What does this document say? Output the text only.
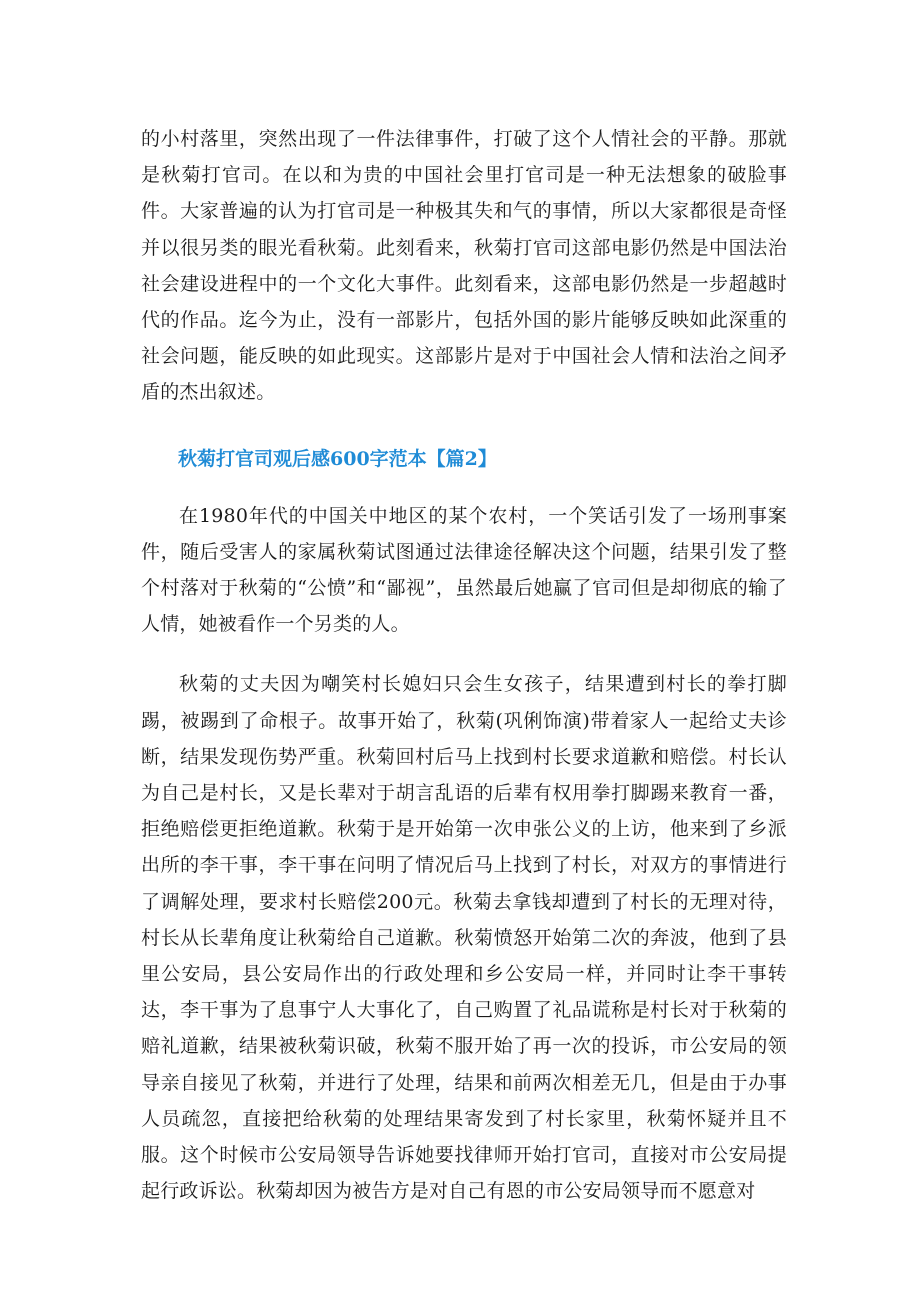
的小村落里，突然出现了一件法律事件，打破了这个人情社会的平静。那就是秋菊打官司。在以和为贵的中国社会里打官司是一种无法想象的破脸事件。大家普遍的认为打官司是一种极其失和气的事情，所以大家都很是奇怪并以很另类的眼光看秋菊。此刻看来，秋菊打官司这部电影仍然是中国法治社会建设进程中的一个文化大事件。此刻看来，这部电影仍然是一步超越时代的作品。迄今为止，没有一部影片，包括外国的影片能够反映如此深重的社会问题，能反映的如此现实。这部影片是对于中国社会人情和法治之间矛盾的杰出叙述。

秋菊打官司观后感600字范本【篇2】

在1980年代的中国关中地区的某个农村，一个笑话引发了一场刑事案件，随后受害人的家属秋菊试图通过法律途径解决这个问题，结果引发了整个村落对于秋菊的“公愤”和“鄙视”，虽然最后她赢了官司但是却彻底的输了人情，她被看作一个另类的人。

秋菊的丈夫因为嘲笑村长媳妇只会生女孩子，结果遭到村长的拳打脚踢，被踢到了命根子。故事开始了，秋菊(巩俐饰演)带着家人一起给丈夫诊断，结果发现伤势严重。秋菊回村后马上找到村长要求道歉和赔偿。村长认为自己是村长，又是长辈对于胡言乱语的后辈有权用拳打脚踢来教育一番，拒绝赔偿更拒绝道歉。秋菊于是开始第一次申张公义的上访，他来到了乡派出所的李干事，李干事在问明了情况后马上找到了村长，对双方的事情进行了调解处理，要求村长赔偿200元。秋菊去拿钱却遭到了村长的无理对待，村长从长辈角度让秋菊给自己道歉。秋菊愤怒开始第二次的奔波，他到了县里公安局，县公安局作出的行政处理和乡公安局一样，并同时让李干事转达，李干事为了息事宁人大事化了，自己购置了礼品谎称是村长对于秋菊的赔礼道歉，结果被秋菊识破，秋菊不服开始了再一次的投诉，市公安局的领导亲自接见了秋菊，并进行了处理，结果和前两次相差无几，但是由于办事人员疏忽，直接把给秋菊的处理结果寄发到了村长家里，秋菊怀疑并且不服。这个时候市公安局领导告诉她要找律师开始打官司，直接对市公安局提起行政诉讼。秋菊却因为被告方是对自己有恩的市公安局领导而不愿意对
